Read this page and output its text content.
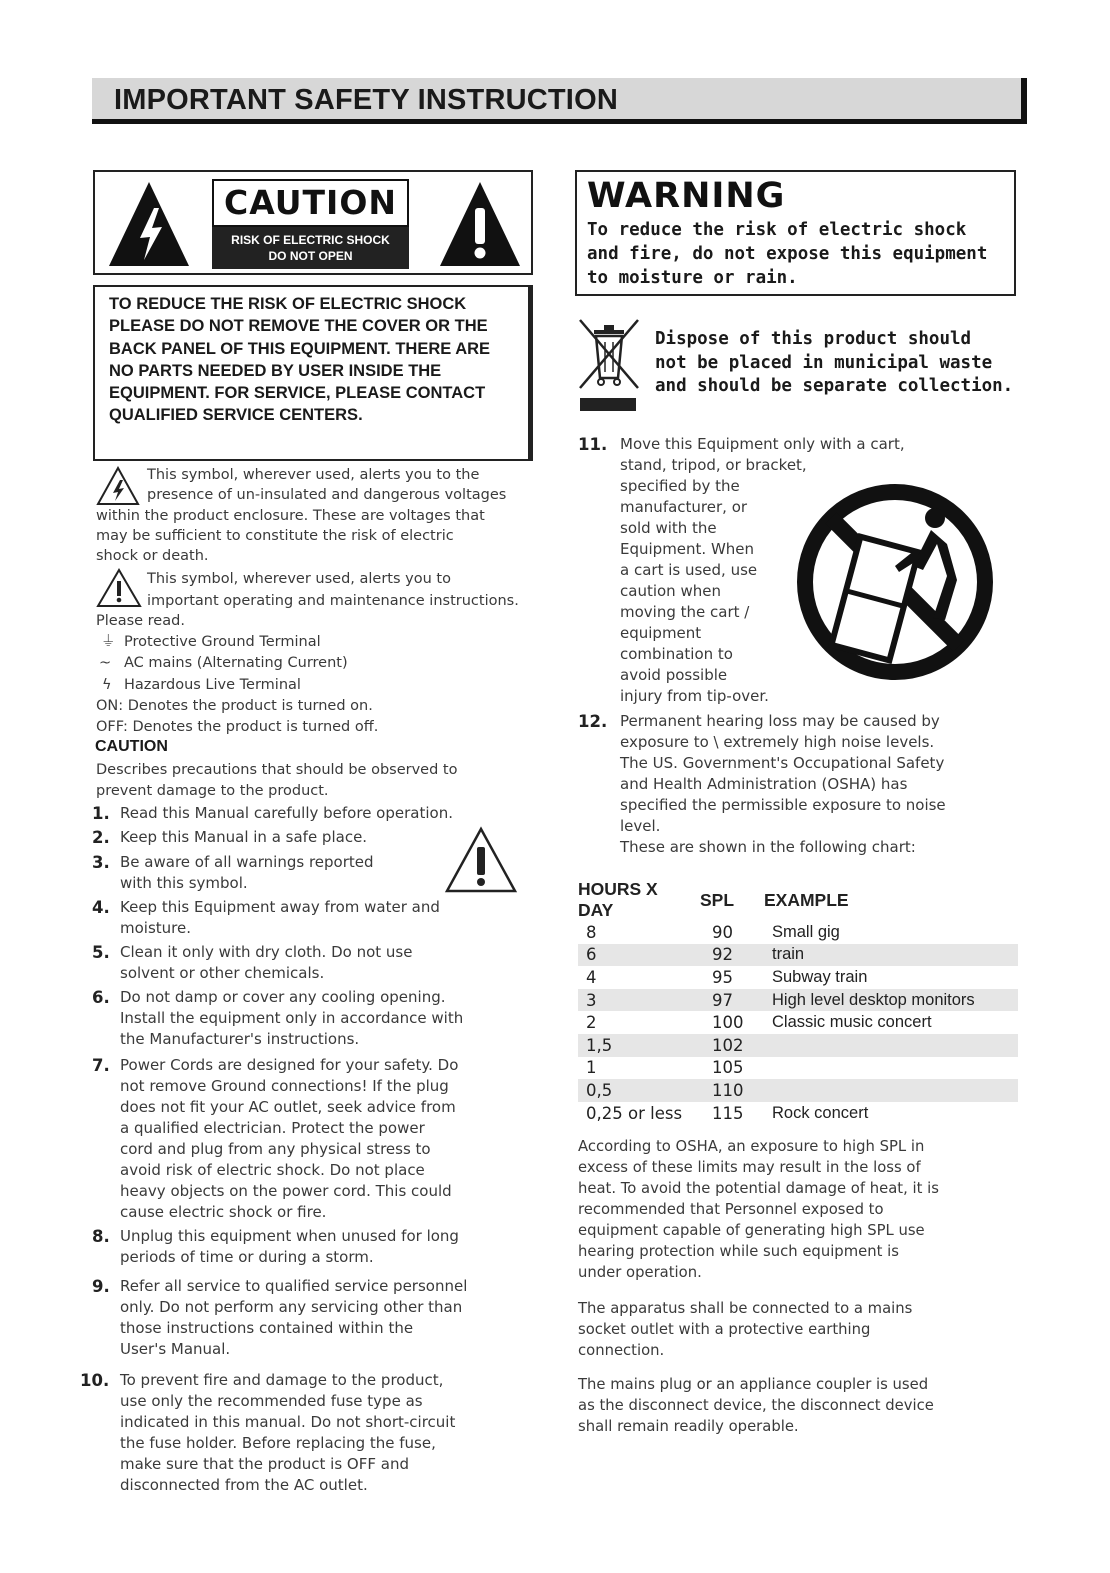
IMPORTANT SAFETY INSTRUCTION
CAUTION
RISK OF ELECTRIC SHOCK
DO NOT OPEN

TO REDUCE THE RISK OF ELECTRIC SHOCK PLEASE DO NOT REMOVE THE COVER OR THE BACK PANEL OF THIS EQUIPMENT. THERE ARE NO PARTS NEEDED BY USER INSIDE THE EQUIPMENT. FOR SERVICE, PLEASE CONTACT QUALIFIED SERVICE CENTERS.

This symbol, wherever used, alerts you to the
presence of un-insulated and dangerous voltages
within the product enclosure. These are voltages that
may be sufficient to constitute the risk of electric
shock or death.
This symbol, wherever used, alerts you to
important operating and maintenance instructions.
Please read.
⏚ Protective Ground Terminal
~ AC mains (Alternating Current)
ϟ Hazardous Live Terminal
ON: Denotes the product is turned on.
OFF: Denotes the product is turned off.
CAUTION
Describes precautions that should be observed to
prevent damage to the product.
1. Read this Manual carefully before operation.
2. Keep this Manual in a safe place.
3. Be aware of all warnings reported
with this symbol.
4. Keep this Equipment away from water and
moisture.
5. Clean it only with dry cloth. Do not use
solvent or other chemicals.
6. Do not damp or cover any cooling opening.
Install the equipment only in accordance with
the Manufacturer's instructions.
7. Power Cords are designed for your safety. Do
not remove Ground connections! If the plug
does not fit your AC outlet, seek advice from
a qualified electrician. Protect the power
cord and plug from any physical stress to
avoid risk of electric shock. Do not place
heavy objects on the power cord. This could
cause electric shock or fire.
8. Unplug this equipment when unused for long
periods of time or during a storm.
9. Refer all service to qualified service personnel
only. Do not perform any servicing other than
those instructions contained within the
User's Manual.
10. To prevent fire and damage to the product,
use only the recommended fuse type as
indicated in this manual. Do not short-circuit
the fuse holder. Before replacing the fuse,
make sure that the product is OFF and
disconnected from the AC outlet.
WARNING

To reduce the risk of electric shock
and fire, do not expose this equipment
to moisture or rain.

Dispose of this product should
not be placed in municipal waste
and should be separate collection.
11. Move this Equipment only with a cart,
stand, tripod, or bracket,
specified by the
manufacturer, or
sold with the
Equipment. When
a cart is used, use
caution when
moving the cart /
equipment
combination to
avoid possible
injury from tip-over.
12. Permanent hearing loss may be caused by
exposure to \ extremely high noise levels.
The US. Government's Occupational Safety
and Health Administration (OSHA) has
specified the permissible exposure to noise
level.
These are shown in the following chart:
HOURS X DAY	SPL	EXAMPLE
8	90	Small gig
6	92	train
4	95	Subway train
3	97	High level desktop monitors
2	100	Classic music concert
1,5	102	
1	105	
0,5	110	
0,25 or less	115	Rock concert
According to OSHA, an exposure to high SPL in
excess of these limits may result in the loss of
heat. To avoid the potential damage of heat, it is
recommended that Personnel exposed to
equipment capable of generating high SPL use
hearing protection while such equipment is
under operation.
The apparatus shall be connected to a mains
socket outlet with a protective earthing
connection.
The mains plug or an appliance coupler is used
as the disconnect device, the disconnect device
shall remain readily operable.
